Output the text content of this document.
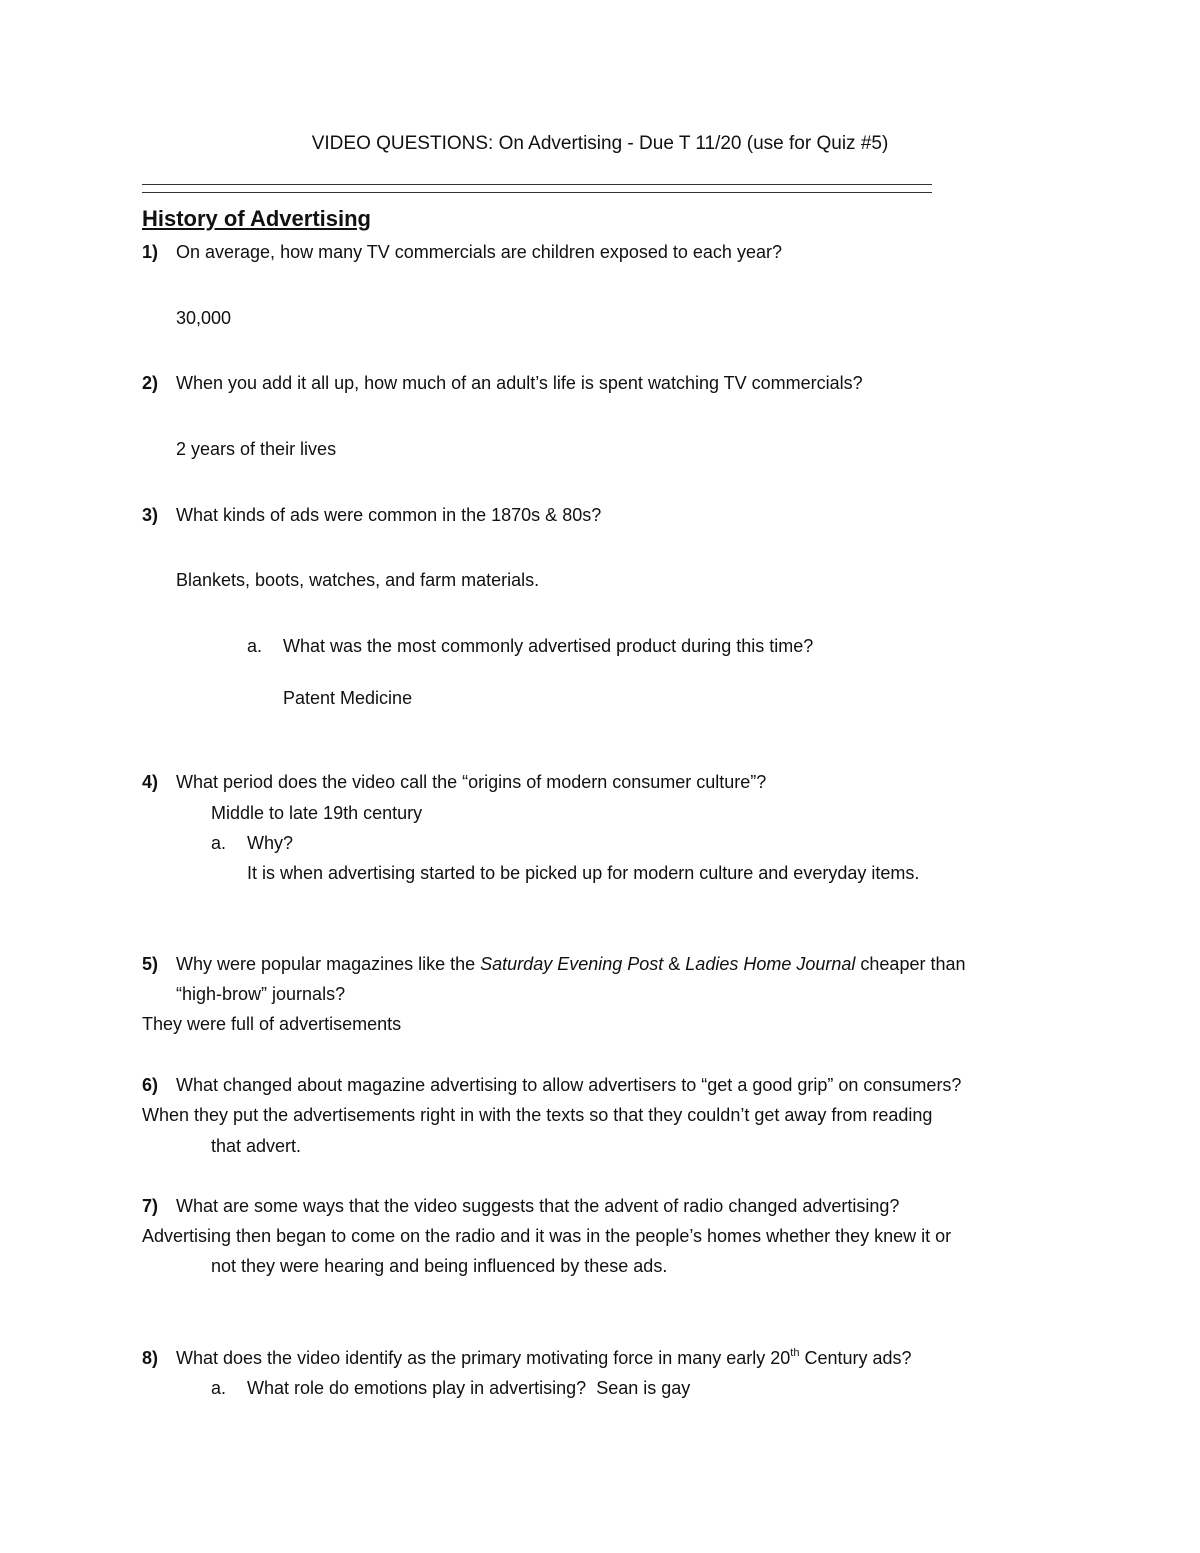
VIDEO QUESTIONS: On Advertising - Due T 11/20 (use for Quiz #5)
History of Advertising
1) On average, how many TV commercials are children exposed to each year?
30,000
2) When you add it all up, how much of an adult’s life is spent watching TV commercials?
2 years of their lives
3) What kinds of ads were common in the 1870s & 80s?
Blankets, boots, watches, and farm materials.
a. What was the most commonly advertised product during this time?
Patent Medicine
4) What period does the video call the “origins of modern consumer culture”?
Middle to late 19th century
a. Why?
It is when advertising started to be picked up for modern culture and everyday items.
5) Why were popular magazines like the Saturday Evening Post & Ladies Home Journal cheaper than
“high-brow” journals?
They were full of advertisements
6) What changed about magazine advertising to allow advertisers to “get a good grip” on consumers?
When they put the advertisements right in with the texts so that they couldn’t get away from reading
that advert.
7) What are some ways that the video suggests that the advent of radio changed advertising?
Advertising then began to come on the radio and it was in the people’s homes whether they knew it or
not they were hearing and being influenced by these ads.
8) What does the video identify as the primary motivating force in many early 20th Century ads?
a. What role do emotions play in advertising? Sean is gay
